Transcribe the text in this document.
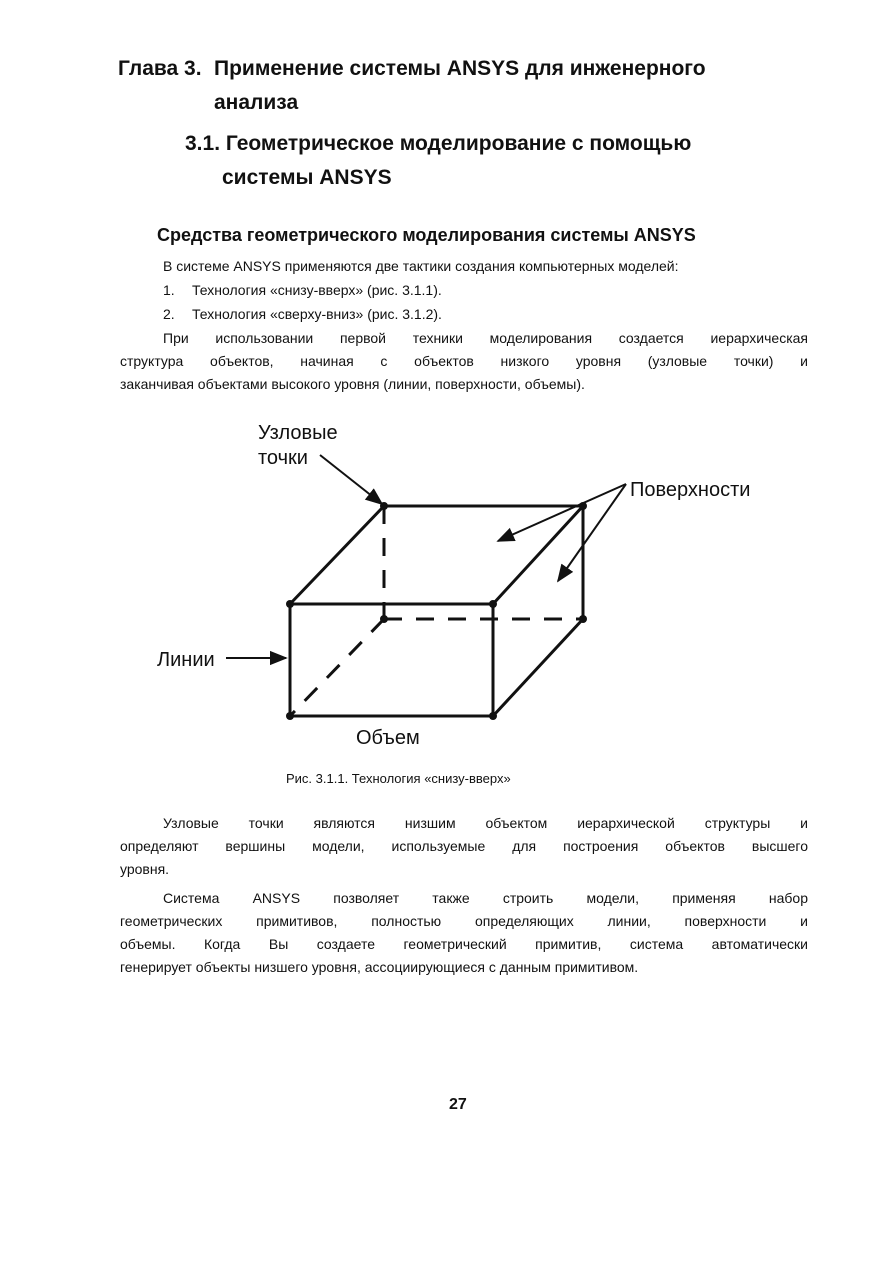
Глава 3. Применение системы ANSYS для инженерного
анализа
3.1. Геометрическое моделирование с помощью
системы ANSYS
Средства геометрического моделирования системы ANSYS
В системе ANSYS применяются две тактики создания компьютерных моделей:
1. Технология «снизу-вверх» (рис. 3.1.1).
2. Технология «сверху-вниз» (рис. 3.1.2).
При использовании первой техники моделирования создается иерархическая
структура объектов, начиная с объектов низкого уровня (узловые точки) и
заканчивая объектами высокого уровня (линии, поверхности, объемы).
Узловые
точки
Поверхности
Линии
Объем
Рис. 3.1.1. Технология «снизу-вверх»
Узловые точки являются низшим объектом иерархической структуры и
определяют вершины модели, используемые для построения объектов высшего
уровня.
Система ANSYS позволяет также строить модели, применяя набор
геометрических примитивов, полностью определяющих линии, поверхности и
объемы. Когда Вы создаете геометрический примитив, система автоматически
генерирует объекты низшего уровня, ассоциирующиеся с данным примитивом.
27
